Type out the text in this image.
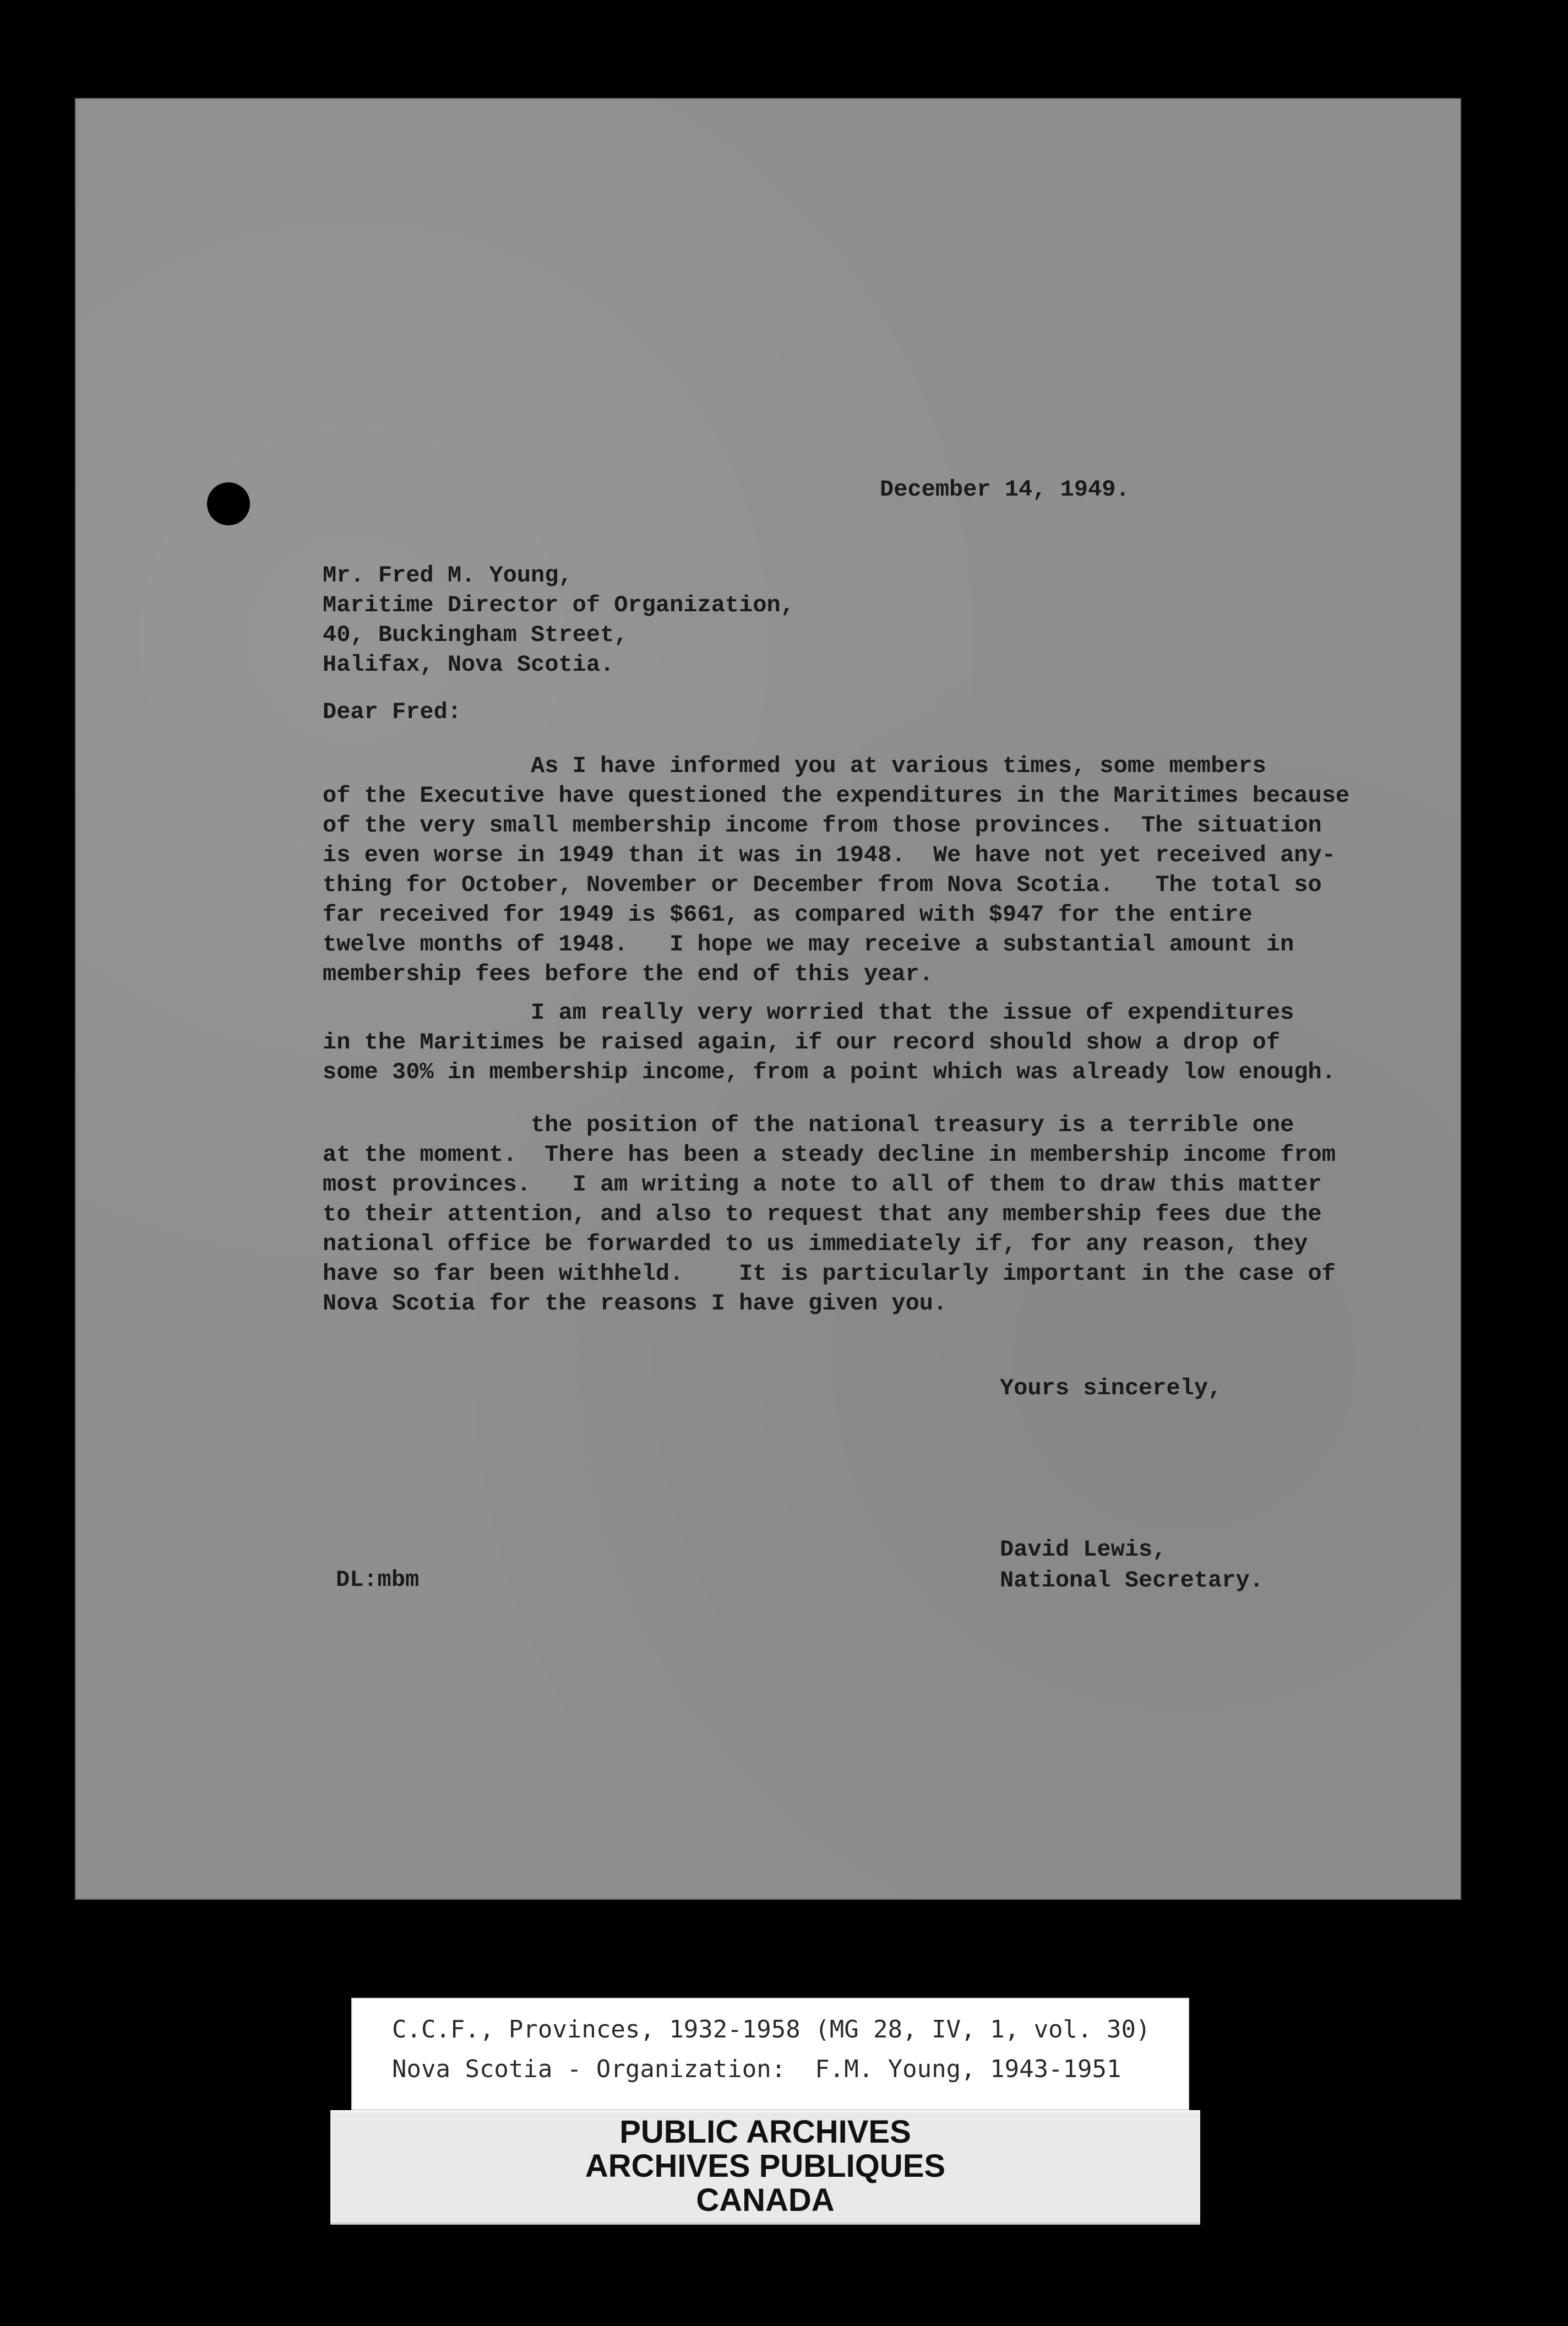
December 14, 1949.
Mr. Fred M. Young,
Maritime Director of Organization,
40, Buckingham Street,
Halifax, Nova Scotia.
Dear Fred:
As I have informed you at various times, some members
of the Executive have questioned the expenditures in the Maritimes because
of the very small membership income from those provinces.  The situation
is even worse in 1949 than it was in 1948.  We have not yet received any-
thing for October, November or December from Nova Scotia.   The total so
far received for 1949 is $661, as compared with $947 for the entire
twelve months of 1948.   I hope we may receive a substantial amount in
membership fees before the end of this year.
I am really very worried that the issue of expenditures
in the Maritimes be raised again, if our record should show a drop of
some 30% in membership income, from a point which was already low enough.
the position of the national treasury is a terrible one
at the moment.  There has been a steady decline in membership income from
most provinces.   I am writing a note to all of them to draw this matter
to their attention, and also to request that any membership fees due the
national office be forwarded to us immediately if, for any reason, they
have so far been withheld.    It is particularly important in the case of
Nova Scotia for the reasons I have given you.
Yours sincerely,
David Lewis,
National Secretary.
DL:mbm
C.C.F., Provinces, 1932-1958 (MG 28, IV, 1, vol. 30)
Nova Scotia - Organization:  F.M. Young, 1943-1951
PUBLIC ARCHIVES
ARCHIVES PUBLIQUES
CANADA
